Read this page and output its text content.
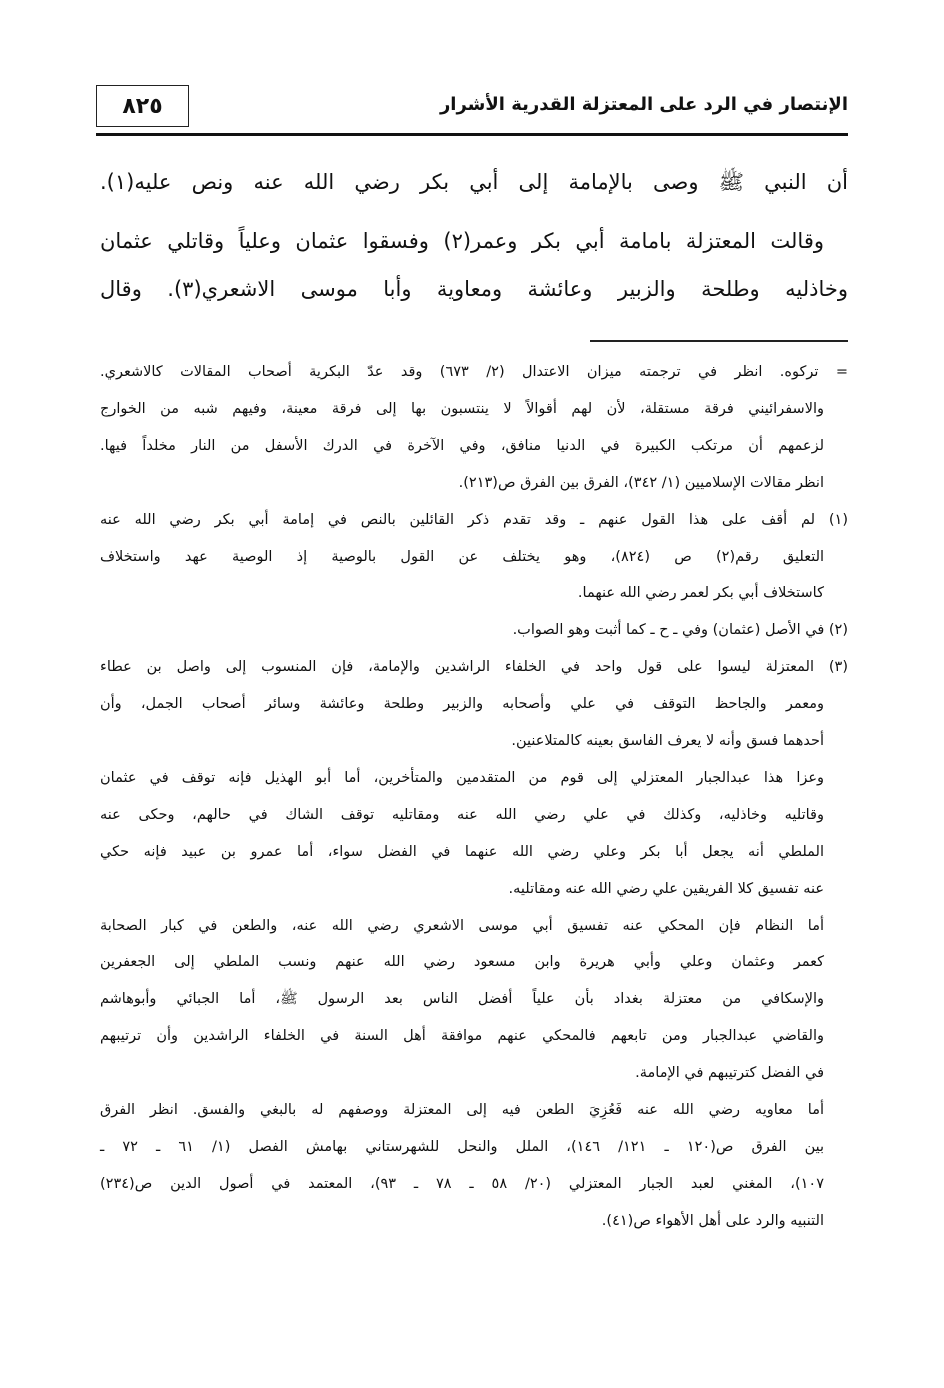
٨٢٥	الإنتصار في الرد على المعتزلة القدرية الأشرار
أن النبي ﷺ وصى بالإمامة إلى أبي بكر رضي الله عنه ونص عليه(١).
وقالت المعتزلة بامامة أبي بكر وعمر(٢) وفسقوا عثمان وعلياً وقاتلي عثمان
وخاذليه وطلحة والزبير وعائشة ومعاوية وأبا موسى الاشعري(٣). وقال
= تركوه. انظر في ترجمته ميزان الاعتدال (٢/ ٦٧٣) وقد عدّ البكرية أصحاب المقالات كالاشعري.
والاسفرائيني فرقة مستقلة، لأن لهم أقوالاً لا ينتسبون بها إلى فرقة معينة، وفيهم شبه من الخوارج
لزعمهم أن مرتكب الكبيرة في الدنيا منافق، وفي الآخرة في الدرك الأسفل من النار مخلداً فيها.
انظر مقالات الإسلاميين (١/ ٣٤٢)، الفرق بين الفرق ص(٢١٣).
(١) لم أقف على هذا القول عنهم ـ وقد تقدم ذكر القائلين بالنص في إمامة أبي بكر رضي الله عنه
التعليق رقم(٢) ص (٨٢٤)، وهو يختلف عن القول بالوصية إذ الوصية عهد واستخلاف
كاستخلاف أبي بكر لعمر رضي الله عنهما.
(٢) في الأصل (عثمان) وفي ـ ح ـ كما أثبت وهو الصواب.
(٣) المعتزلة ليسوا على قول واحد في الخلفاء الراشدين والإمامة، فإن المنسوب إلى واصل بن عطاء
ومعمر والجاحظ التوقف في علي وأصحابه والزبير وطلحة وعائشة وسائر أصحاب الجمل، وأن
أحدهما فسق وأنه لا يعرف الفاسق بعينه كالمتلاعنين.
وعزا هذا عبدالجبار المعتزلي إلى قوم من المتقدمين والمتأخرين، أما أبو الهذيل فإنه توقف في عثمان
وقاتليه وخاذليه، وكذلك في علي رضي الله عنه ومقاتليه توقف الشاك في حالهم، وحكى عنه
الملطي أنه يجعل أبا بكر وعلي رضي الله عنهما في الفضل سواء، أما عمرو بن عبيد فإنه حكي
عنه تفسيق كلا الفريقين علي رضي الله عنه ومقاتليه.
أما النظام فإن المحكي عنه تفسيق أبي موسى الاشعري رضي الله عنه، والطعن في كبار الصحابة
كعمر وعثمان وعلي وأبي هريرة وابن مسعود رضي الله عنهم ونسب الملطي إلى الجعفرين
والإسكافي من معتزلة بغداد بأن علياً أفضل الناس بعد الرسول ﷺ، أما الجبائي وأبوهاشم
والقاضي عبدالجبار ومن تابعهم فالمحكي عنهم موافقة أهل السنة في الخلفاء الراشدين وأن ترتيبهم
في الفضل كترتيبهم في الإمامة.
أما معاويه رضي الله عنه فَعُزِيَ الطعن فيه إلى المعتزلة ووصفهم له بالبغي والفسق. انظر الفرق
بين الفرق ص(١٢٠ ـ ١٢١/ ١٤٦)، الملل والنحل للشهرستاني بهامش الفصل (١/ ٦١ ـ ٧٢ ـ
١٠٧)، المغني لعبد الجبار المعتزلي (٢٠/ ٥٨ ـ ٧٨ ـ ٩٣)، المعتمد في أصول الدين ص(٢٣٤)
التنبيه والرد على أهل الأهواء ص(٤١).
